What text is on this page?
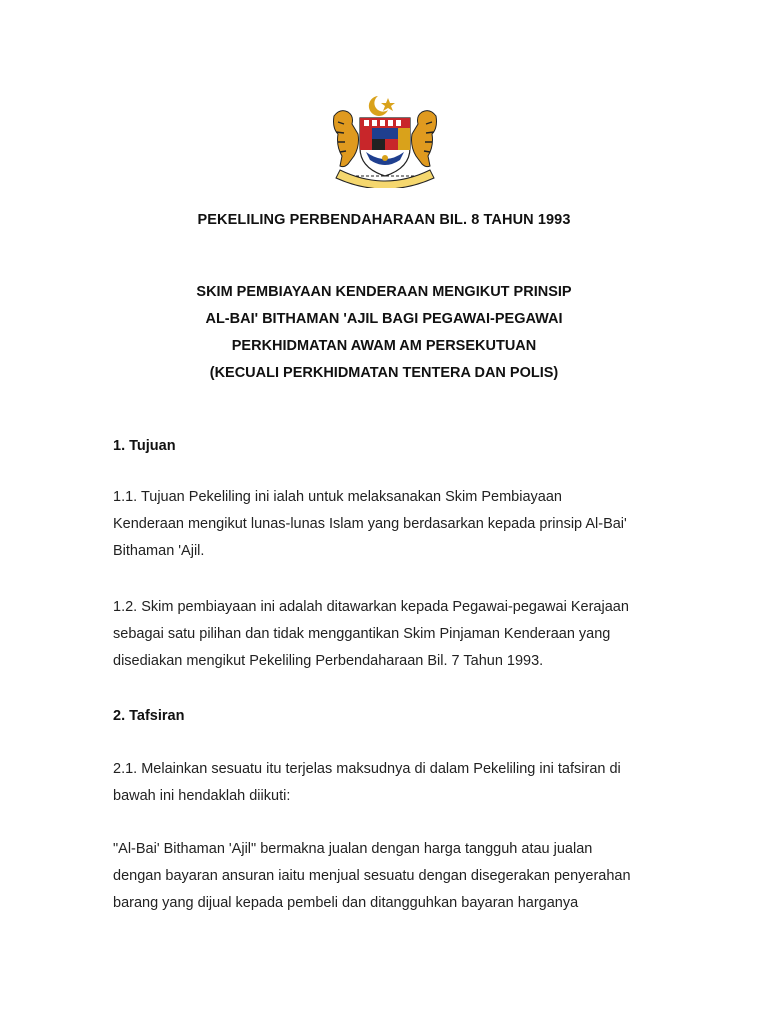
PEKELILING PERBENDAHARAAN BIL. 8 TAHUN 1993
SKIM PEMBIAYAAN KENDERAAN MENGIKUT PRINSIP
AL-BAI' BITHAMAN 'AJIL BAGI PEGAWAI-PEGAWAI
PERKHIDMATAN AWAM AM PERSEKUTUAN
(KECUALI PERKHIDMATAN TENTERA DAN POLIS)
1. Tujuan
1.1. Tujuan Pekeliling ini ialah untuk melaksanakan Skim Pembiayaan
Kenderaan mengikut lunas-lunas Islam yang berdasarkan kepada prinsip Al-Bai'
Bithaman 'Ajil.
1.2. Skim pembiayaan ini adalah ditawarkan kepada Pegawai-pegawai Kerajaan
sebagai satu pilihan dan tidak menggantikan Skim Pinjaman Kenderaan yang
disediakan mengikut Pekeliling Perbendaharaan Bil. 7 Tahun 1993.
2. Tafsiran
2.1. Melainkan sesuatu itu terjelas maksudnya di dalam Pekeliling ini tafsiran di
bawah ini hendaklah diikuti:
"Al-Bai' Bithaman 'Ajil" bermakna jualan dengan harga tangguh atau jualan
dengan bayaran ansuran iaitu menjual sesuatu dengan disegerakan penyerahan
barang yang dijual kepada pembeli dan ditangguhkan bayaran harganya
